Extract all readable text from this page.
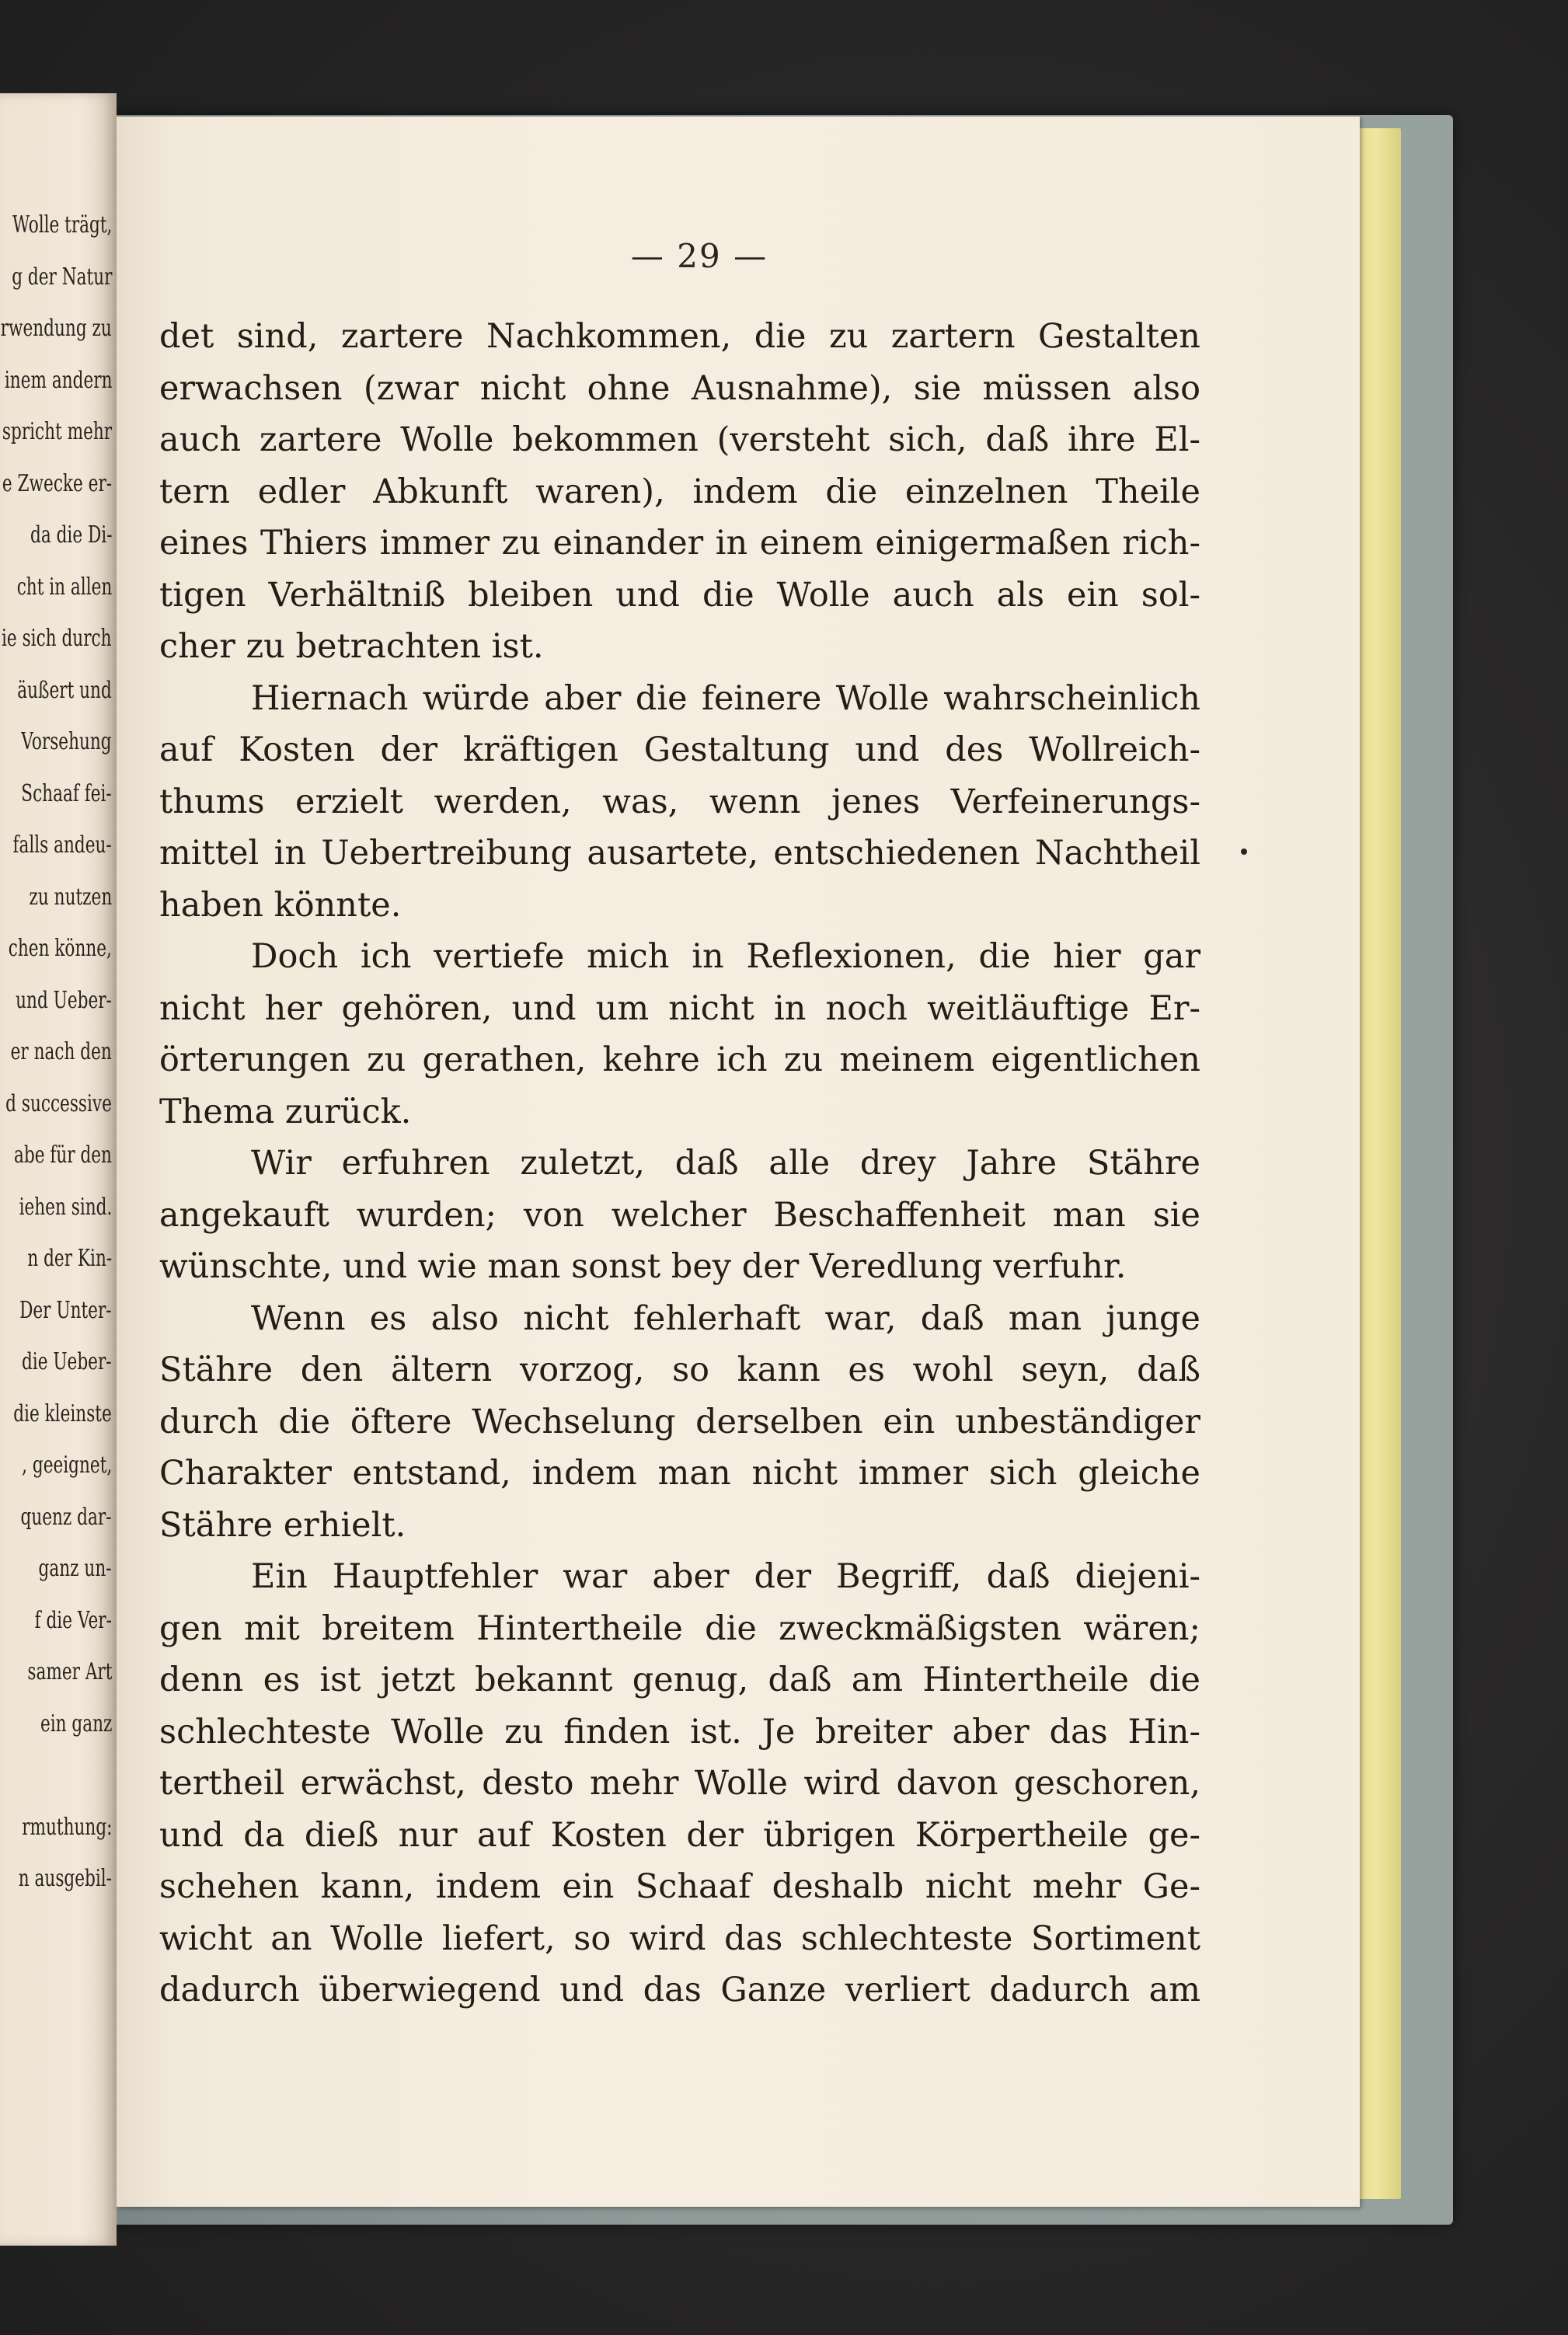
Wolle trägt,
g der Natur
rwendung zu
inem andern
spricht mehr
e Zwecke er-
da die Di-
cht in allen
ie sich durch
äußert und
Vorsehung
Schaaf fei-
falls andeu-
zu nutzen
chen könne,
und Ueber-
er nach den
d successive
abe für den
iehen sind.
n der Kin-
Der Unter-
die Ueber-
die kleinste
, geeignet,
quenz dar-
ganz un-
f die Ver-
samer Art
ein ganz
rmuthung:
n ausgebil-
— 29 —
det sind, zartere Nachkommen, die zu zartern Gestalten
erwachsen (zwar nicht ohne Ausnahme), sie müssen also
auch zartere Wolle bekommen (versteht sich, daß ihre El-
tern edler Abkunft waren), indem die einzelnen Theile
eines Thiers immer zu einander in einem einigermaßen rich-
tigen Verhältniß bleiben und die Wolle auch als ein sol-
cher zu betrachten ist.
Hiernach würde aber die feinere Wolle wahrscheinlich
auf Kosten der kräftigen Gestaltung und des Wollreich-
thums erzielt werden, was, wenn jenes Verfeinerungs-
mittel in Uebertreibung ausartete, entschiedenen Nachtheil
haben könnte.
Doch ich vertiefe mich in Reflexionen, die hier gar
nicht her gehören, und um nicht in noch weitläuftige Er-
örterungen zu gerathen, kehre ich zu meinem eigentlichen
Thema zurück.
Wir erfuhren zuletzt, daß alle drey Jahre Stähre
angekauft wurden; von welcher Beschaffenheit man sie
wünschte, und wie man sonst bey der Veredlung verfuhr.
Wenn es also nicht fehlerhaft war, daß man junge
Stähre den ältern vorzog, so kann es wohl seyn, daß
durch die öftere Wechselung derselben ein unbeständiger
Charakter entstand, indem man nicht immer sich gleiche
Stähre erhielt.
Ein Hauptfehler war aber der Begriff, daß diejeni-
gen mit breitem Hintertheile die zweckmäßigsten wären;
denn es ist jetzt bekannt genug, daß am Hintertheile die
schlechteste Wolle zu finden ist. Je breiter aber das Hin-
tertheil erwächst, desto mehr Wolle wird davon geschoren,
und da dieß nur auf Kosten der übrigen Körpertheile ge-
schehen kann, indem ein Schaaf deshalb nicht mehr Ge-
wicht an Wolle liefert, so wird das schlechteste Sortiment
dadurch überwiegend und das Ganze verliert dadurch am
